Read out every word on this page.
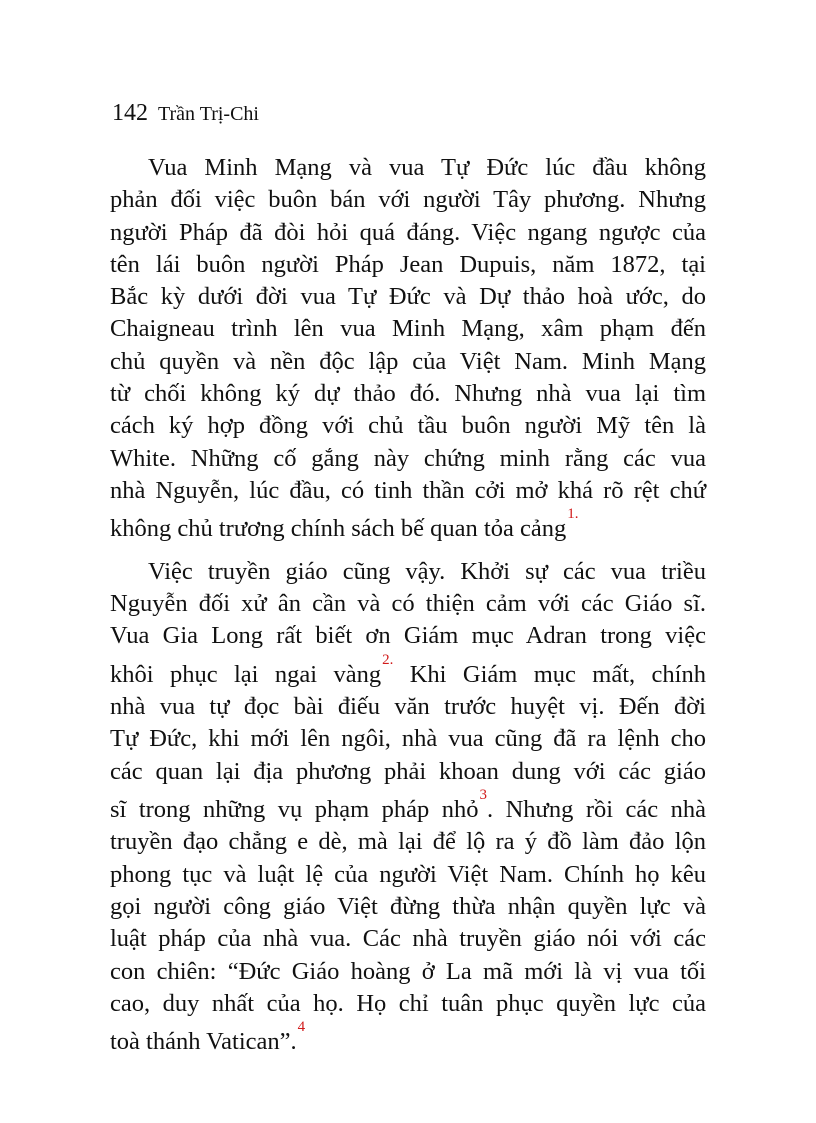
142 Trần Trị-Chi
Vua Minh Mạng và vua Tự Đức lúc đầu không
phản đối việc buôn bán với người Tây phương. Nhưng
người Pháp đã đòi hỏi quá đáng. Việc ngang ngược của
tên lái buôn người Pháp Jean Dupuis, năm 1872, tại
Bắc kỳ dưới đời vua Tự Đức và Dự thảo hoà ước, do
Chaigneau trình lên vua Minh Mạng, xâm phạm đến
chủ quyền và nền độc lập của Việt Nam. Minh Mạng
từ chối không ký dự thảo đó. Nhưng nhà vua lại tìm
cách ký hợp đồng với chủ tầu buôn người Mỹ tên là
White. Những cố gắng này chứng minh rằng các vua
nhà Nguyễn, lúc đầu, có tinh thần cởi mở khá rõ rệt chứ
không chủ trương chính sách bế quan tỏa cảng$^{1.}$
Việc truyền giáo cũng vậy. Khởi sự các vua triều
Nguyễn đối xử ân cần và có thiện cảm với các Giáo sĩ.
Vua Gia Long rất biết ơn Giám mục Adran trong việc
khôi phục lại ngai vàng$^{2.}$ Khi Giám mục mất, chính
nhà vua tự đọc bài điếu văn trước huyệt vị. Đến đời
Tự Đức, khi mới lên ngôi, nhà vua cũng đã ra lệnh cho
các quan lại địa phương phải khoan dung với các giáo
sĩ trong những vụ phạm pháp nhỏ$^3$. Nhưng rồi các nhà
truyền đạo chẳng e dè, mà lại để lộ ra ý đồ làm đảo lộn
phong tục và luật lệ của người Việt Nam. Chính họ kêu
gọi người công giáo Việt đừng thừa nhận quyền lực và
luật pháp của nhà vua. Các nhà truyền giáo nói với các
con chiên: “Đức Giáo hoàng ở La mã mới là vị vua tối
cao, duy nhất của họ. Họ chỉ tuân phục quyền lực của
toà thánh Vatican”.$^4$
